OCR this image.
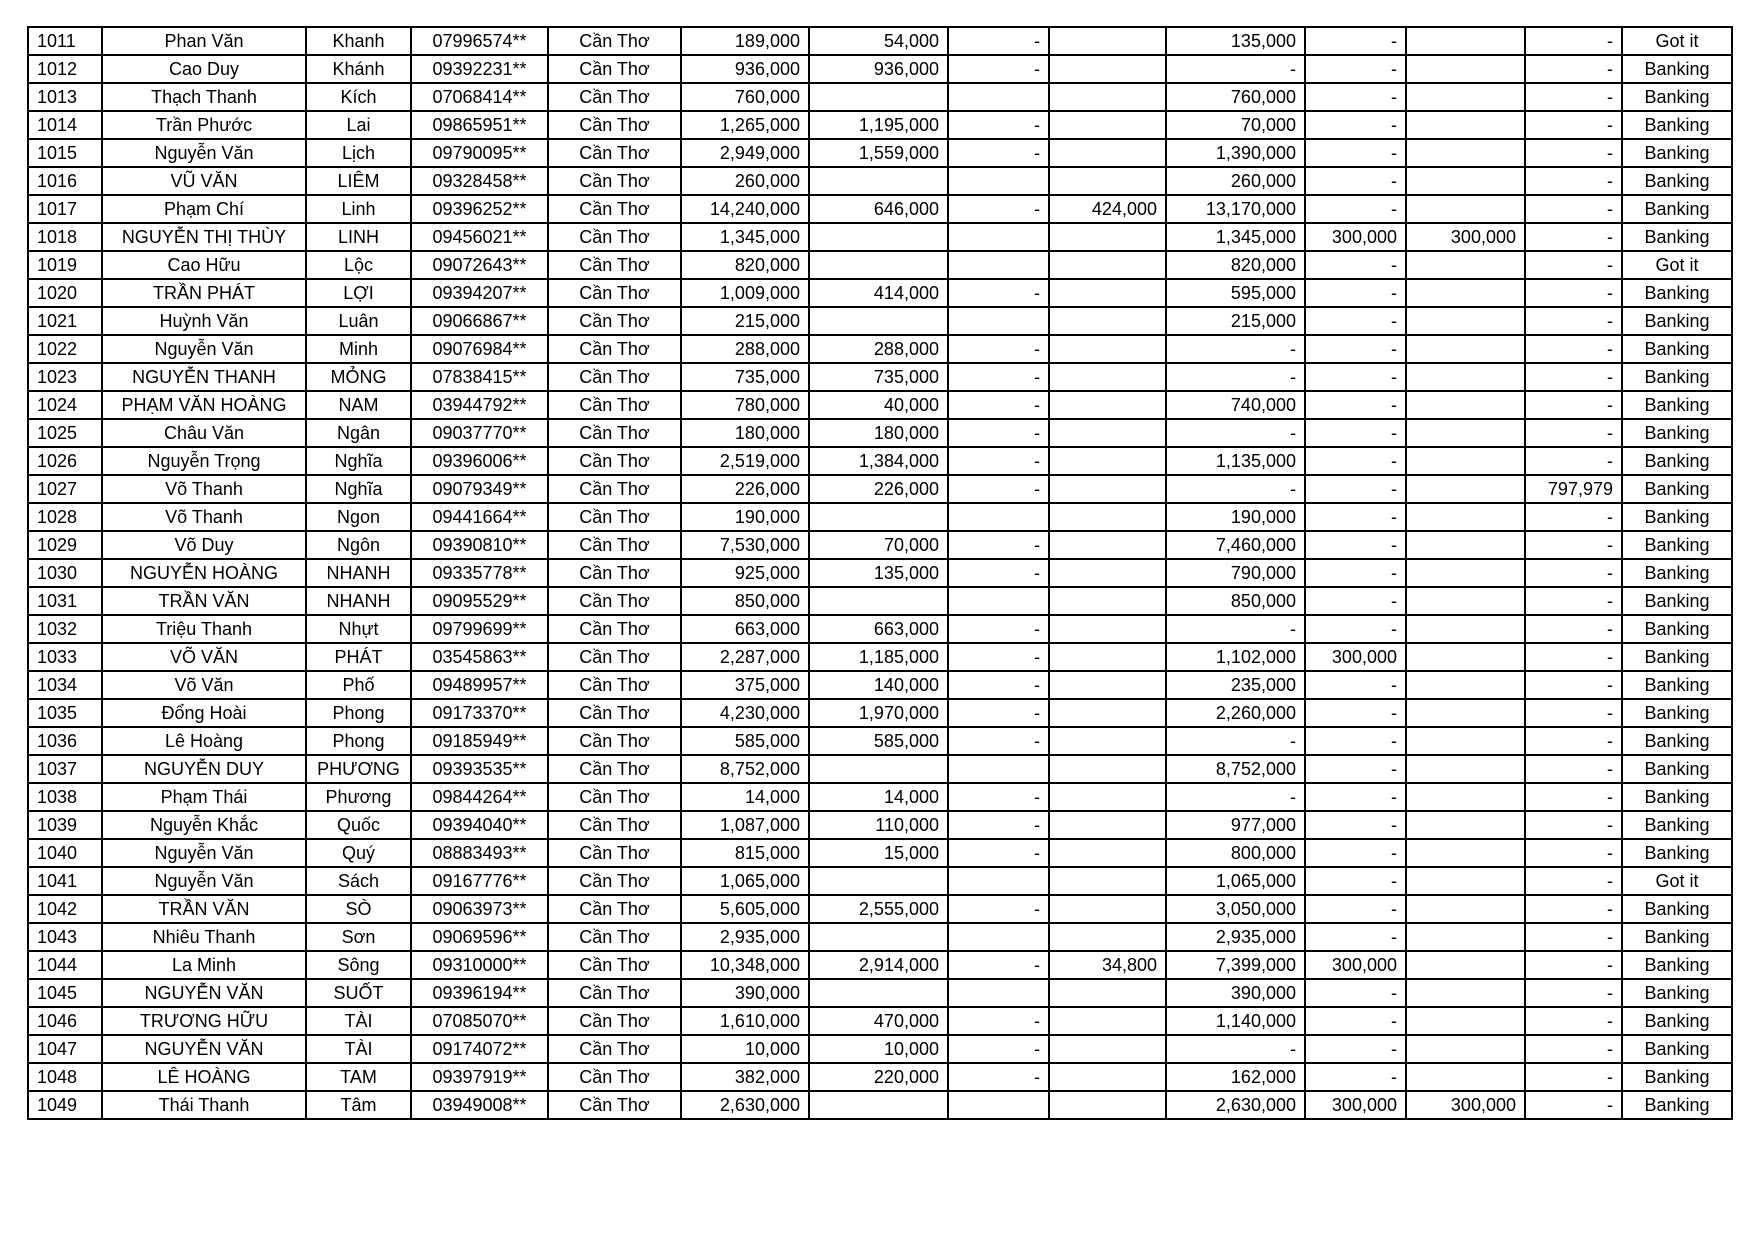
1011	Phan Văn	Khanh	07996574**	Cần Thơ	189,000	54,000	-		135,000	-		-	Got it
1012	Cao Duy	Khánh	09392231**	Cần Thơ	936,000	936,000	-		-	-		-	Banking
1013	Thạch Thanh	Kích	07068414**	Cần Thơ	760,000				760,000	-		-	Banking
1014	Trần Phước	Lai	09865951**	Cần Thơ	1,265,000	1,195,000	-		70,000	-		-	Banking
1015	Nguyễn Văn	Lịch	09790095**	Cần Thơ	2,949,000	1,559,000	-		1,390,000	-		-	Banking
1016	VŨ VĂN	LIÊM	09328458**	Cần Thơ	260,000				260,000	-		-	Banking
1017	Phạm Chí	Linh	09396252**	Cần Thơ	14,240,000	646,000	-	424,000	13,170,000	-		-	Banking
1018	NGUYỄN THỊ THÙY	LINH	09456021**	Cần Thơ	1,345,000				1,345,000	300,000	300,000	-	Banking
1019	Cao Hữu	Lộc	09072643**	Cần Thơ	820,000				820,000	-		-	Got it
1020	TRẦN PHÁT	LỢI	09394207**	Cần Thơ	1,009,000	414,000	-		595,000	-		-	Banking
1021	Huỳnh Văn	Luân	09066867**	Cần Thơ	215,000				215,000	-		-	Banking
1022	Nguyễn Văn	Minh	09076984**	Cần Thơ	288,000	288,000	-		-	-		-	Banking
1023	NGUYỄN THANH	MỎNG	07838415**	Cần Thơ	735,000	735,000	-		-	-		-	Banking
1024	PHẠM VĂN HOÀNG	NAM	03944792**	Cần Thơ	780,000	40,000	-		740,000	-		-	Banking
1025	Châu Văn	Ngân	09037770**	Cần Thơ	180,000	180,000	-		-	-		-	Banking
1026	Nguyễn Trọng	Nghĩa	09396006**	Cần Thơ	2,519,000	1,384,000	-		1,135,000	-		-	Banking
1027	Võ Thanh	Nghĩa	09079349**	Cần Thơ	226,000	226,000	-		-	-		797,979	Banking
1028	Võ Thanh	Ngon	09441664**	Cần Thơ	190,000				190,000	-		-	Banking
1029	Võ Duy	Ngôn	09390810**	Cần Thơ	7,530,000	70,000	-		7,460,000	-		-	Banking
1030	NGUYỄN HOÀNG	NHANH	09335778**	Cần Thơ	925,000	135,000	-		790,000	-		-	Banking
1031	TRẦN VĂN	NHANH	09095529**	Cần Thơ	850,000				850,000	-		-	Banking
1032	Triệu Thanh	Nhựt	09799699**	Cần Thơ	663,000	663,000	-		-	-		-	Banking
1033	VÕ VĂN	PHÁT	03545863**	Cần Thơ	2,287,000	1,185,000	-		1,102,000	300,000		-	Banking
1034	Võ Văn	Phố	09489957**	Cần Thơ	375,000	140,000	-		235,000	-		-	Banking
1035	Đổng Hoài	Phong	09173370**	Cần Thơ	4,230,000	1,970,000	-		2,260,000	-		-	Banking
1036	Lê Hoàng	Phong	09185949**	Cần Thơ	585,000	585,000	-		-	-		-	Banking
1037	NGUYỄN DUY	PHƯƠNG	09393535**	Cần Thơ	8,752,000				8,752,000	-		-	Banking
1038	Phạm Thái	Phương	09844264**	Cần Thơ	14,000	14,000	-		-	-		-	Banking
1039	Nguyễn Khắc	Quốc	09394040**	Cần Thơ	1,087,000	110,000	-		977,000	-		-	Banking
1040	Nguyễn Văn	Quý	08883493**	Cần Thơ	815,000	15,000	-		800,000	-		-	Banking
1041	Nguyễn Văn	Sách	09167776**	Cần Thơ	1,065,000				1,065,000	-		-	Got it
1042	TRẦN VĂN	SÒ	09063973**	Cần Thơ	5,605,000	2,555,000	-		3,050,000	-		-	Banking
1043	Nhiêu Thanh	Sơn	09069596**	Cần Thơ	2,935,000				2,935,000	-		-	Banking
1044	La Minh	Sông	09310000**	Cần Thơ	10,348,000	2,914,000	-	34,800	7,399,000	300,000		-	Banking
1045	NGUYỄN VĂN	SUỐT	09396194**	Cần Thơ	390,000				390,000	-		-	Banking
1046	TRƯƠNG HỮU	TÀI	07085070**	Cần Thơ	1,610,000	470,000	-		1,140,000	-		-	Banking
1047	NGUYỄN VĂN	TÀI	09174072**	Cần Thơ	10,000	10,000	-		-	-		-	Banking
1048	LÊ HOÀNG	TAM	09397919**	Cần Thơ	382,000	220,000	-		162,000	-		-	Banking
1049	Thái Thanh	Tâm	03949008**	Cần Thơ	2,630,000				2,630,000	300,000	300,000	-	Banking
